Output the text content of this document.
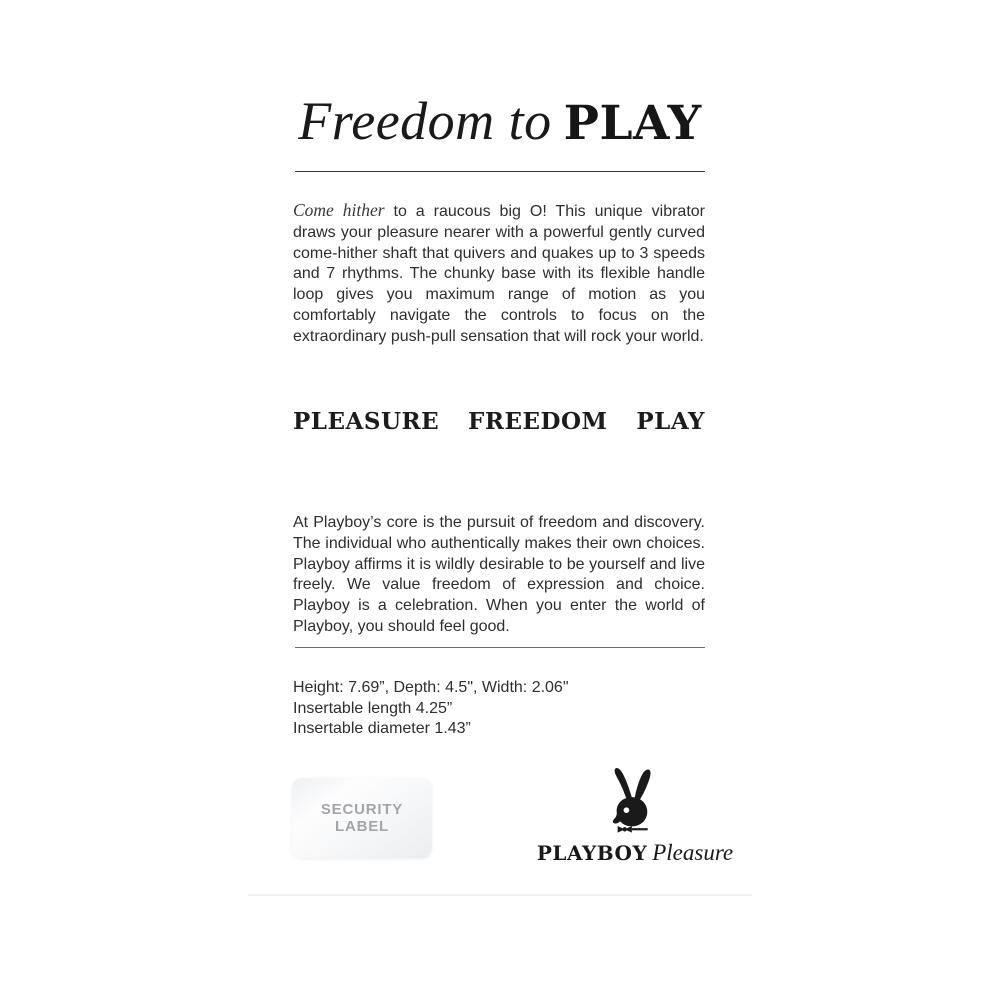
Freedom to PLAY
Come hither to a raucous big O! This unique vibrator draws your pleasure nearer with a powerful gently curved come-hither shaft that quivers and quakes up to 3 speeds and 7 rhythms. The chunky base with its flexible handle loop gives you maximum range of motion as you comfortably navigate the controls to focus on the extraordinary push-pull sensation that will rock your world.
PLEASURE FREEDOM PLAY
At Playboy’s core is the pursuit of freedom and discovery. The individual who authentically makes their own choices. Playboy affirms it is wildly desirable to be yourself and live freely. We value freedom of expression and choice. Playboy is a celebration. When you enter the world of Playboy, you should feel good.
Height: 7.69”, Depth: 4.5", Width: 2.06"
Insertable length 4.25”
Insertable diameter 1.43”
SECURITY
LABEL
PLAYBOY Pleasure
